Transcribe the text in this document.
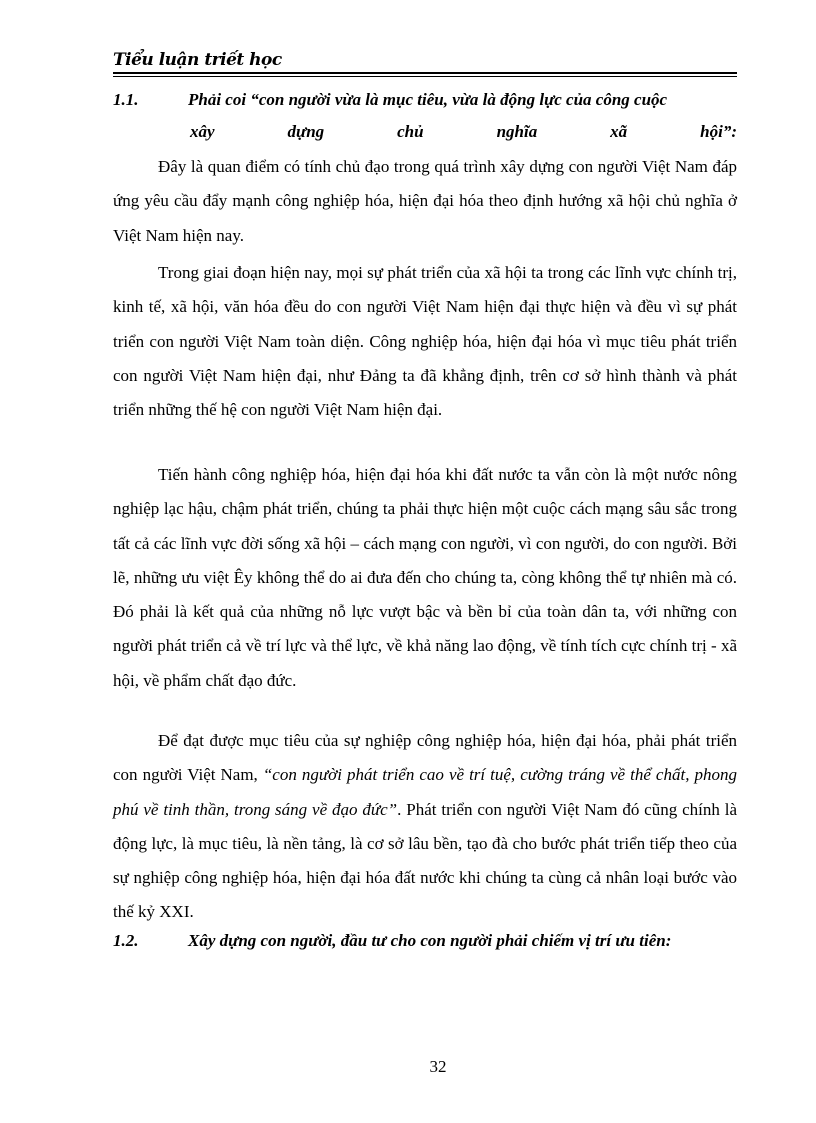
Tiểu luận triết học
1.1.	Phải coi “con người vừa là mục tiêu, vừa là động lực của công cuộc
xây dựng chủ nghĩa xã hội”:

Đây là quan điểm có tính chủ đạo trong quá trình xây dựng con người Việt Nam đáp ứng yêu cầu đẩy mạnh công nghiệp hóa, hiện đại hóa theo định hướng xã hội chủ nghĩa ở Việt Nam hiện nay.

Trong giai đoạn hiện nay, mọi sự phát triển của xã hội ta trong các lĩnh vực chính trị, kinh tế, xã hội, văn hóa đều do con người Việt Nam hiện đại thực hiện và đều vì sự phát triển con người Việt Nam toàn diện. Công nghiệp hóa, hiện đại hóa vì mục tiêu phát triển con người Việt Nam hiện đại, như Đảng ta đã khẳng định, trên cơ sở hình thành và phát triển những thế hệ con người Việt Nam hiện đại.

Tiến hành công nghiệp hóa, hiện đại hóa khi đất nước ta vẫn còn là một nước nông nghiệp lạc hậu, chậm phát triển, chúng ta phải thực hiện một cuộc cách mạng sâu sắc trong tất cả các lĩnh vực đời sống xã hội – cách mạng con người, vì con người, do con người. Bởi lẽ, những ưu việt Êy không thể do ai đưa đến cho chúng ta, còng không thể tự nhiên mà có. Đó phải là kết quả của những nỗ lực vượt bậc và bền bỉ của toàn dân ta, với những con người phát triển cả về trí lực và thể lực, về khả năng lao động, về tính tích cực chính trị - xã hội, về phẩm chất đạo đức.

Để đạt được mục tiêu của sự nghiệp công nghiệp hóa, hiện đại hóa, phải phát triển con người Việt Nam, “con người phát triển cao về trí tuệ, cường tráng về thể chất, phong phú về tinh thần, trong sáng về đạo đức”. Phát triển con người Việt Nam đó cũng chính là động lực, là mục tiêu, là nền tảng, là cơ sở lâu bền, tạo đà cho bước phát triển tiếp theo của sự nghiệp công nghiệp hóa, hiện đại hóa đất nước khi chúng ta cùng cả nhân loại bước vào thế kỷ XXI.

1.2.	Xây dựng con người, đầu tư cho con người phải chiếm vị trí ưu tiên:
32
